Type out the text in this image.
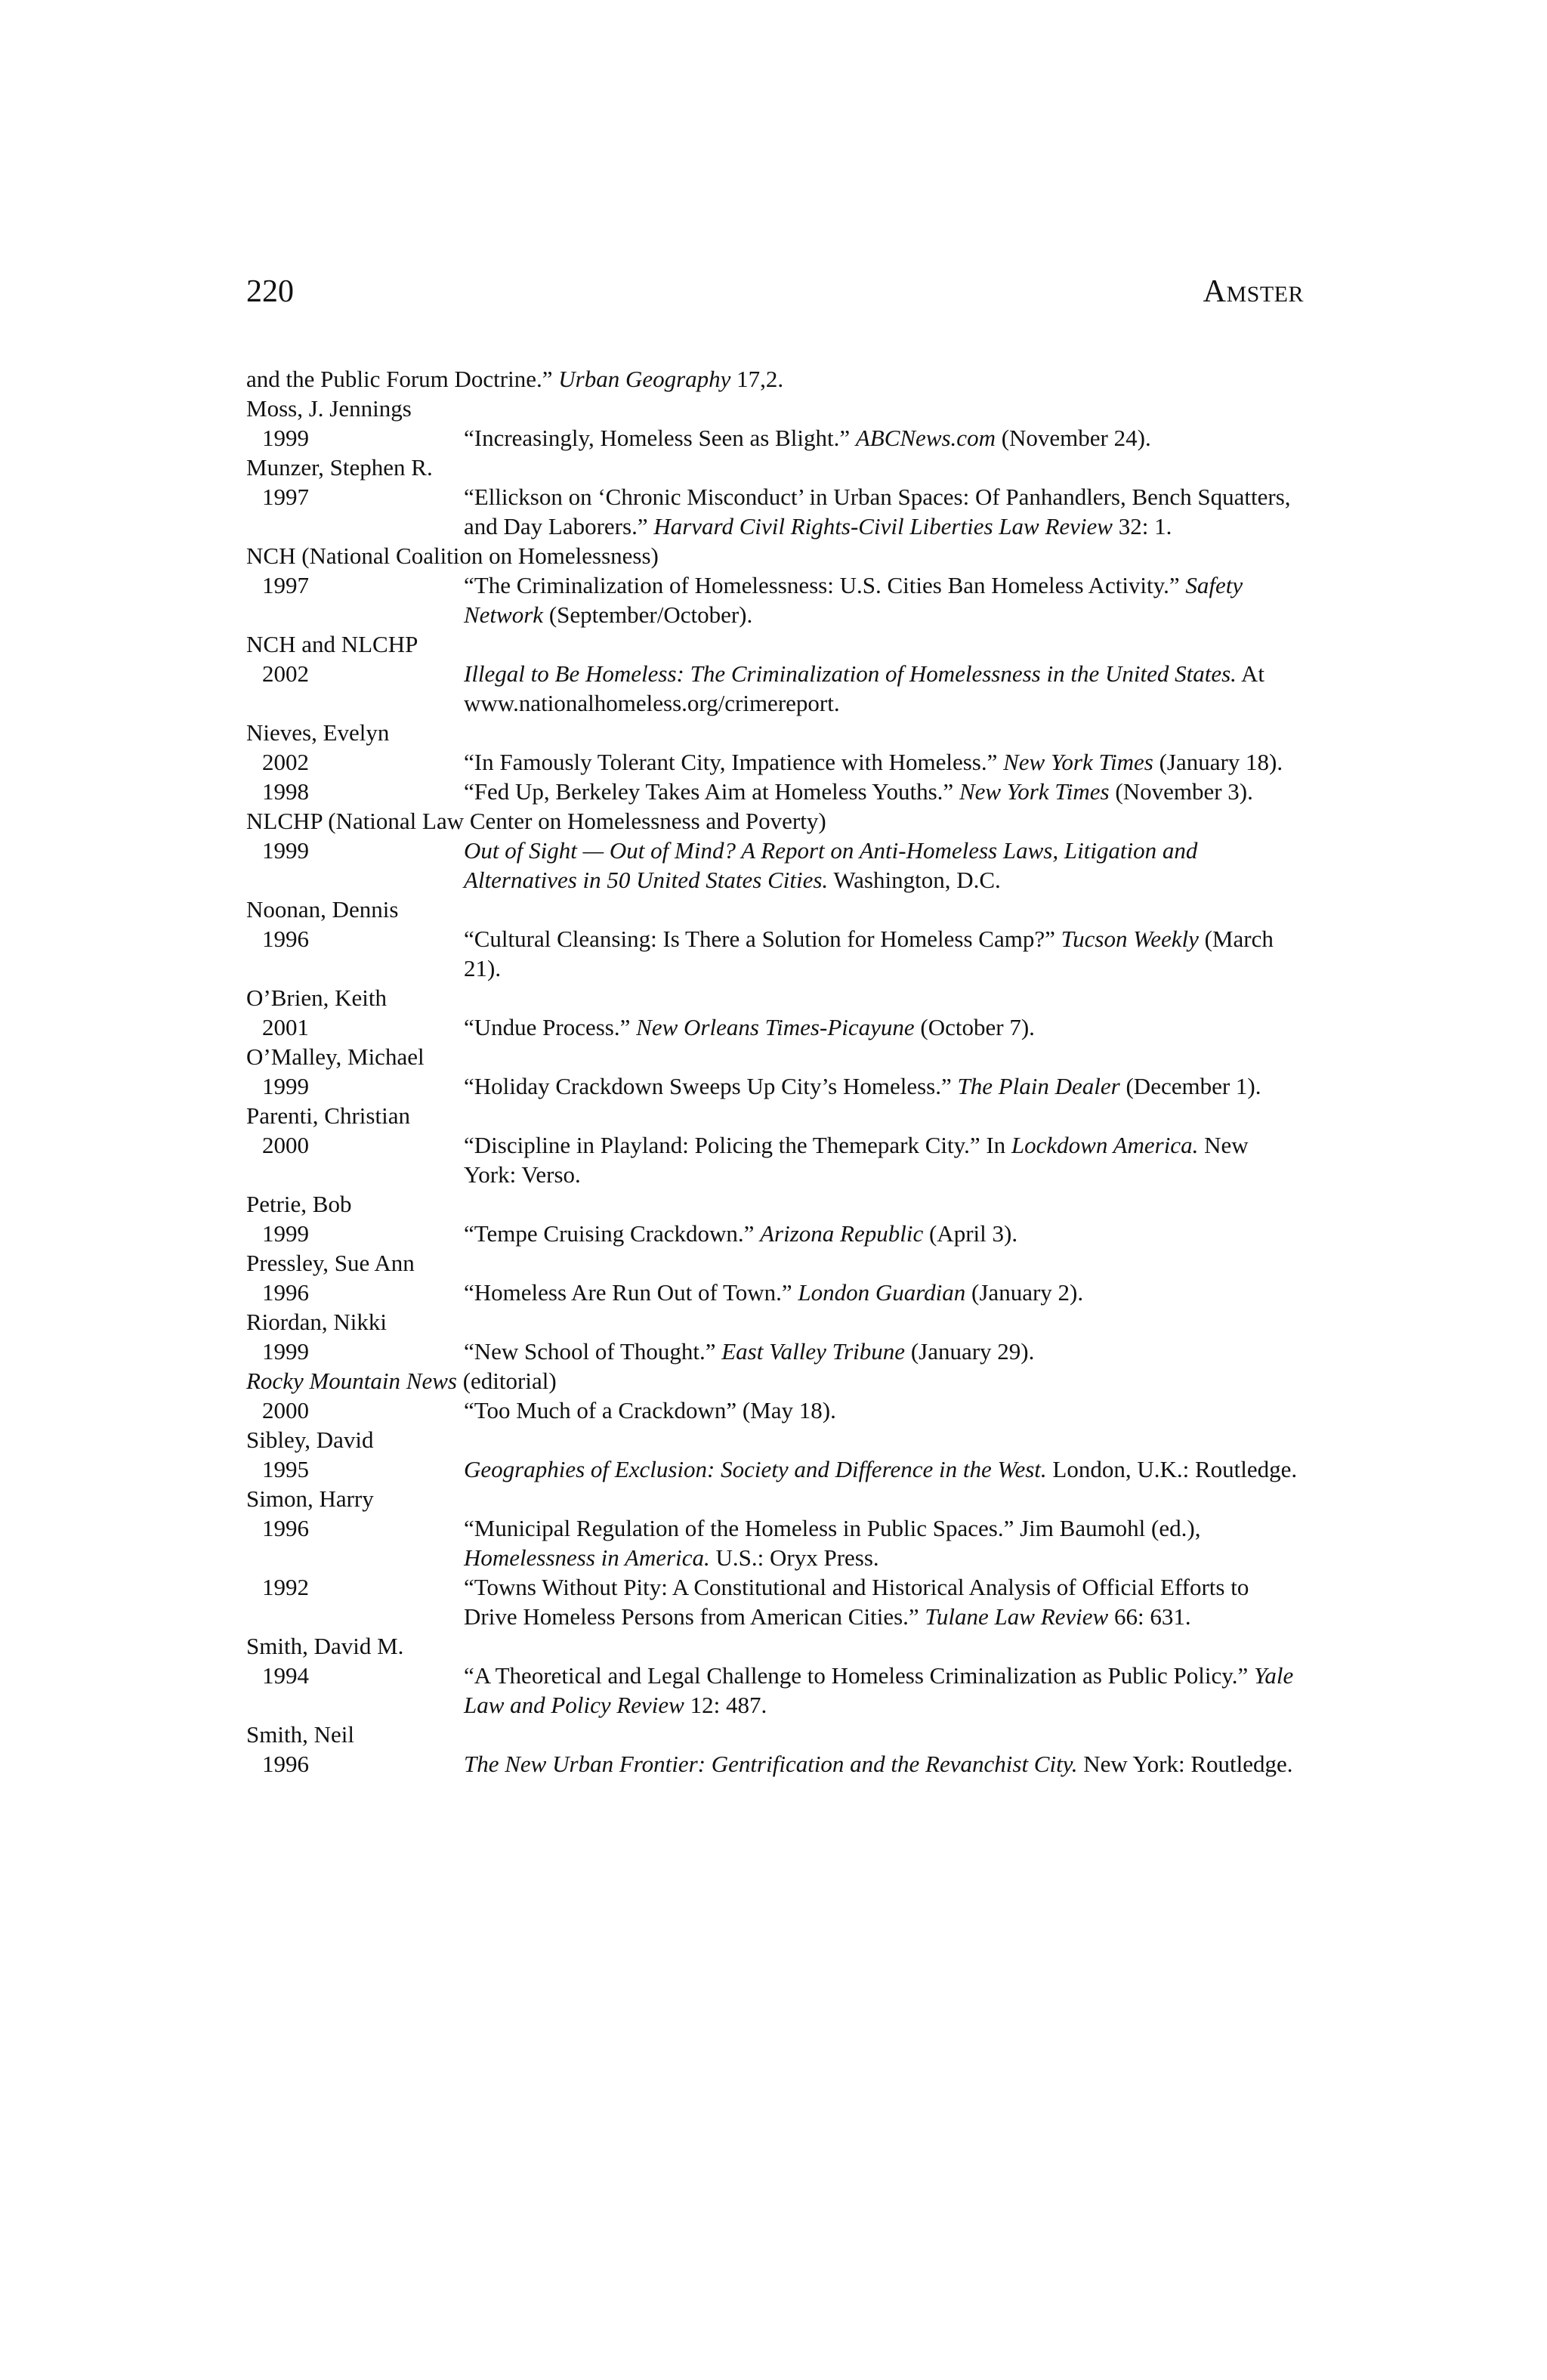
220	AMSTER
and the Public Forum Doctrine.” Urban Geography 17,2.
Moss, J. Jennings
1999	“Increasingly, Homeless Seen as Blight.” ABCNews.com (November 24).
Munzer, Stephen R.
1997	“Ellickson on ‘Chronic Misconduct’ in Urban Spaces: Of Panhandlers, Bench Squatters, and Day Laborers.” Harvard Civil Rights-Civil Liberties Law Review 32: 1.
NCH (National Coalition on Homelessness)
1997	“The Criminalization of Homelessness: U.S. Cities Ban Homeless Activity.” Safety Network (September/October).
NCH and NLCHP
2002	Illegal to Be Homeless: The Criminalization of Homelessness in the United States. At www.nationalhomeless.org/crimereport.
Nieves, Evelyn
2002	“In Famously Tolerant City, Impatience with Homeless.” New York Times (January 18).
1998	“Fed Up, Berkeley Takes Aim at Homeless Youths.” New York Times (November 3).
NLCHP (National Law Center on Homelessness and Poverty)
1999	Out of Sight — Out of Mind? A Report on Anti-Homeless Laws, Litigation and Alternatives in 50 United States Cities. Washington, D.C.
Noonan, Dennis
1996	“Cultural Cleansing: Is There a Solution for Homeless Camp?” Tucson Weekly (March 21).
O’Brien, Keith
2001	“Undue Process.” New Orleans Times-Picayune (October 7).
O’Malley, Michael
1999	“Holiday Crackdown Sweeps Up City’s Homeless.” The Plain Dealer (December 1).
Parenti, Christian
2000	“Discipline in Playland: Policing the Themepark City.” In Lockdown America. New York: Verso.
Petrie, Bob
1999	“Tempe Cruising Crackdown.” Arizona Republic (April 3).
Pressley, Sue Ann
1996	“Homeless Are Run Out of Town.” London Guardian (January 2).
Riordan, Nikki
1999	“New School of Thought.” East Valley Tribune (January 29).
Rocky Mountain News (editorial)
2000	“Too Much of a Crackdown” (May 18).
Sibley, David
1995	Geographies of Exclusion: Society and Difference in the West. London, U.K.: Routledge.
Simon, Harry
1996	“Municipal Regulation of the Homeless in Public Spaces.” Jim Baumohl (ed.), Homelessness in America. U.S.: Oryx Press.
1992	“Towns Without Pity: A Constitutional and Historical Analysis of Official Efforts to Drive Homeless Persons from American Cities.” Tulane Law Review 66: 631.
Smith, David M.
1994	“A Theoretical and Legal Challenge to Homeless Criminalization as Public Policy.” Yale Law and Policy Review 12: 487.
Smith, Neil
1996	The New Urban Frontier: Gentrification and the Revanchist City. New York: Routledge.
